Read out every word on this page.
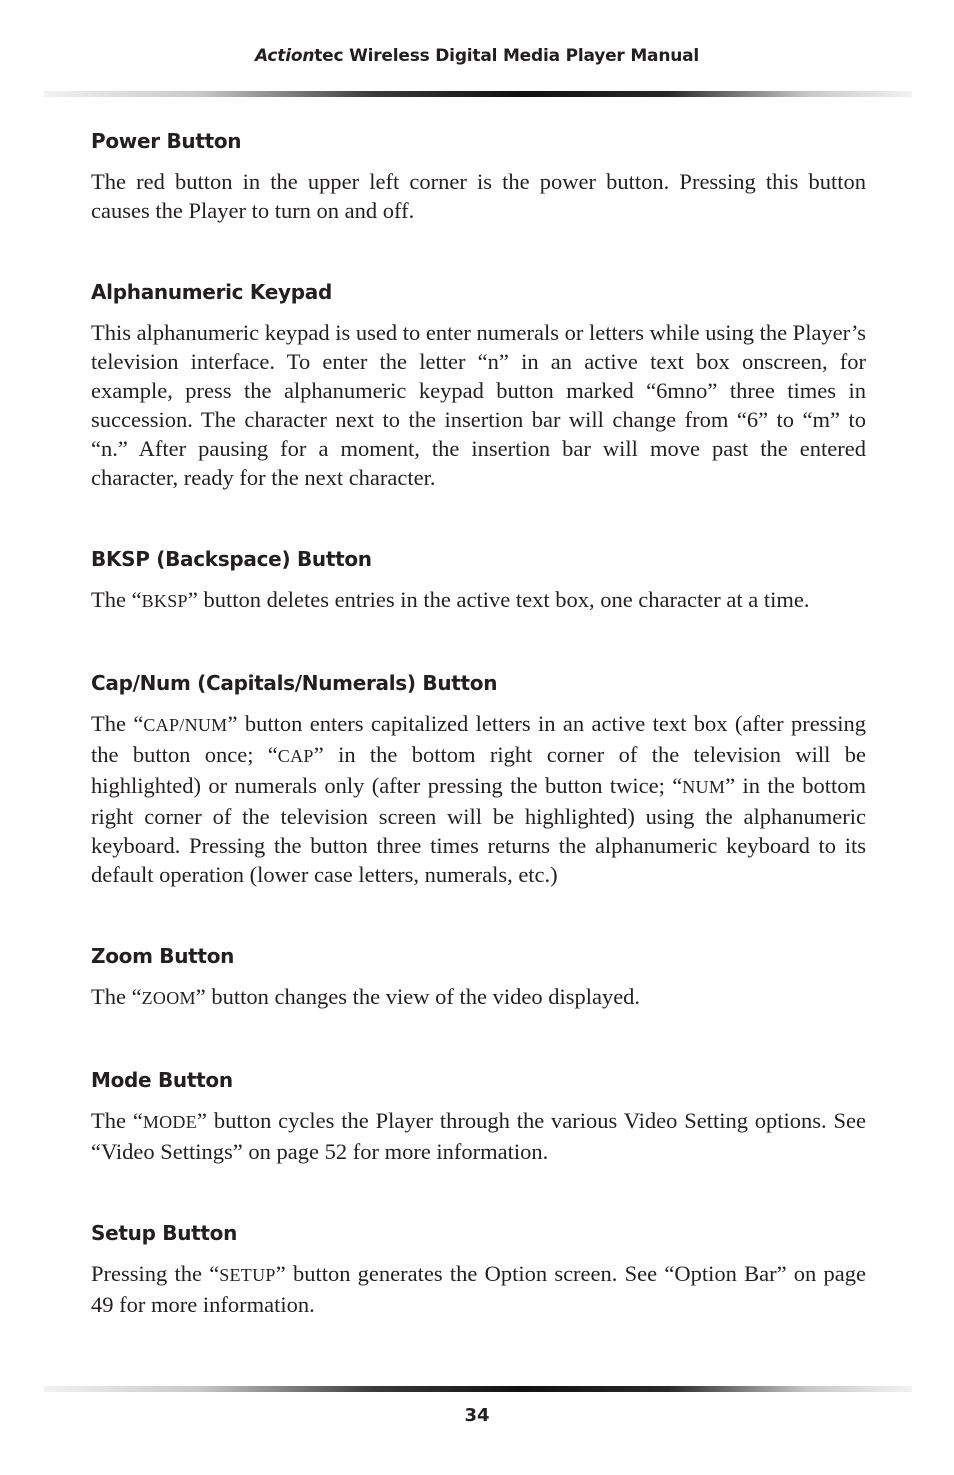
Actiontec Wireless Digital Media Player Manual
Power Button

The red button in the upper left corner is the power button. Pressing this button causes the Player to turn on and off.

Alphanumeric Keypad

This alphanumeric keypad is used to enter numerals or letters while using the Player’s television interface. To enter the letter “n” in an active text box onscreen, for example, press the alphanumeric keypad button marked “6mno” three times in succession. The character next to the insertion bar will change from “6” to “m” to “n.” After pausing for a moment, the insertion bar will move past the entered character, ready for the next character.

BKSP (Backspace) Button

The “BKSP” button deletes entries in the active text box, one character at a time.

Cap/Num (Capitals/Numerals) Button

The “CAP/NUM” button enters capitalized letters in an active text box (after pressing the button once; “CAP” in the bottom right corner of the television will be highlighted) or numerals only (after pressing the button twice; “NUM” in the bottom right corner of the television screen will be highlighted) using the alphanumeric keyboard. Pressing the button three times returns the alphanumeric keyboard to its default operation (lower case letters, numerals, etc.)

Zoom Button

The “ZOOM” button changes the view of the video displayed.

Mode Button

The “MODE” button cycles the Player through the various Video Setting options. See “Video Settings” on page 52 for more information.

Setup Button

Pressing the “SETUP” button generates the Option screen. See “Option Bar” on page 49 for more information.

34
